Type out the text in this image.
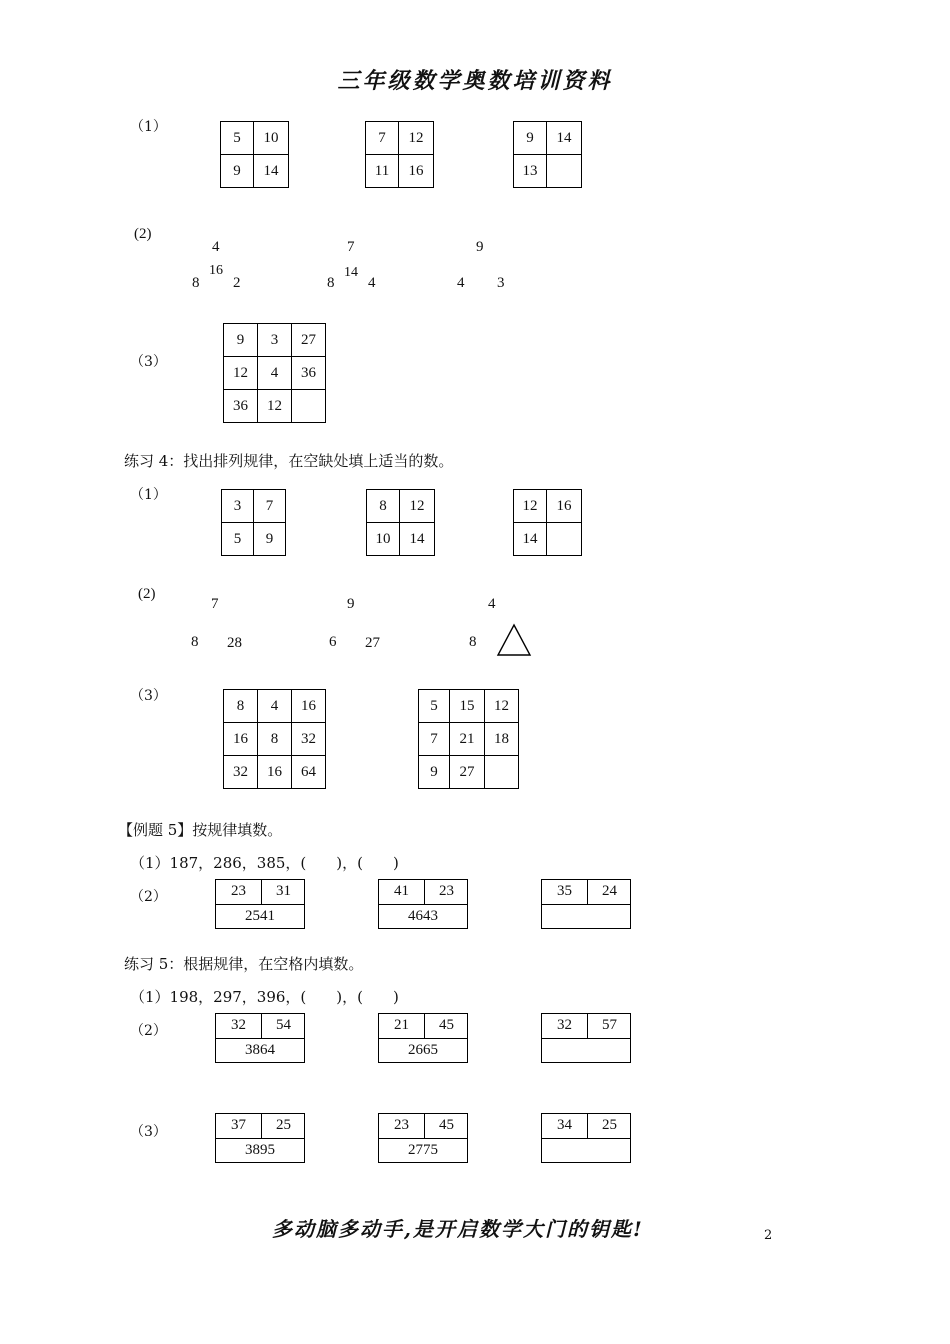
三年级数学奥数培训资料
（1）
5	10
9	14
7	12
11	16
9	14
13	
(2)
4
16
8 2
7
14
8 4
9
4 3
（3）
9	3	27
12	4	36
36	12	
练习 4：找出排列规律，在空缺处填上适当的数。
（1）
3	7
5	9
8	12
10	14
12	16
14	
(2)
7
8 28
9
6 27
4
8
（3）
8	4	16
16	8	32
32	16	64
5	15	12
7	21	18
9	27	
【例题 5】按规律填数。
（1）187，286，385，(　　)，(　　)
（2）	23	31
2541
41	23
4643
35	24
练习 5：根据规律，在空格内填数。
（1）198，297，396，(　　)，(　　)
（2）	32	54
3864
21	45
2665
32	57
（3）	37	25
3895
23	45
2775
34	25
多动脑多动手,是开启数学大门的钥匙!	2
